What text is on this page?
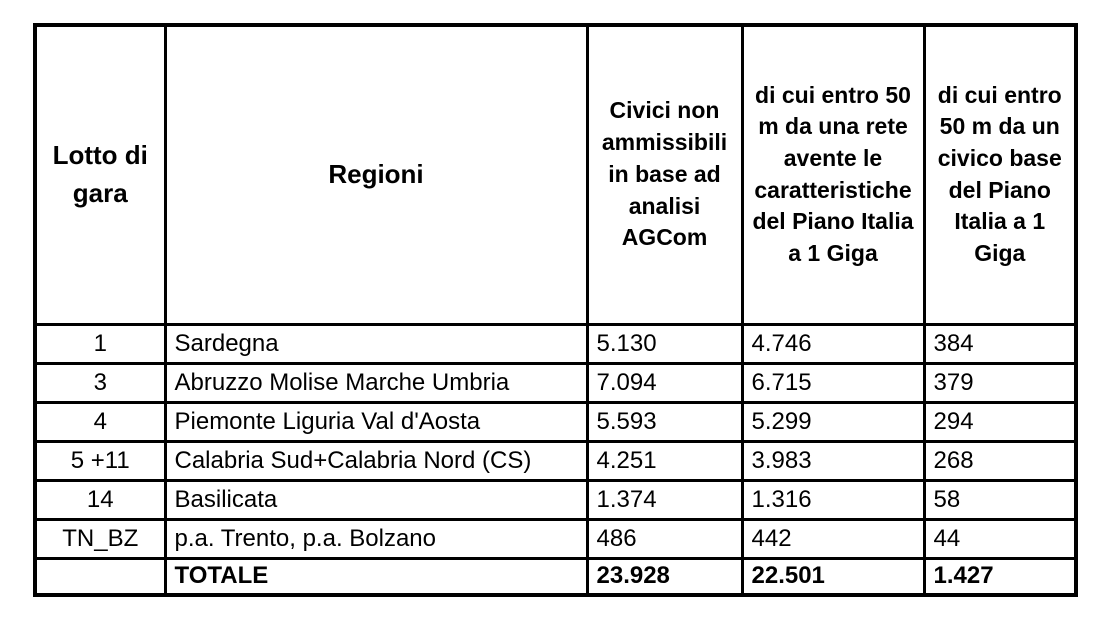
Lotto di gara	Regioni	Civici non ammissibili in base ad analisi AGCom	di cui entro 50 m da una rete avente le caratteristiche del Piano Italia a 1 Giga	di cui entro 50 m da un civico base del Piano Italia a 1 Giga
1	Sardegna	5.130	4.746	384
3	Abruzzo Molise Marche Umbria	7.094	6.715	379
4	Piemonte Liguria Val d'Aosta	5.593	5.299	294
5 +11	Calabria Sud+Calabria Nord (CS)	4.251	3.983	268
14	Basilicata	1.374	1.316	58
TN_BZ	p.a. Trento, p.a. Bolzano	486	442	44
	TOTALE	23.928	22.501	1.427
